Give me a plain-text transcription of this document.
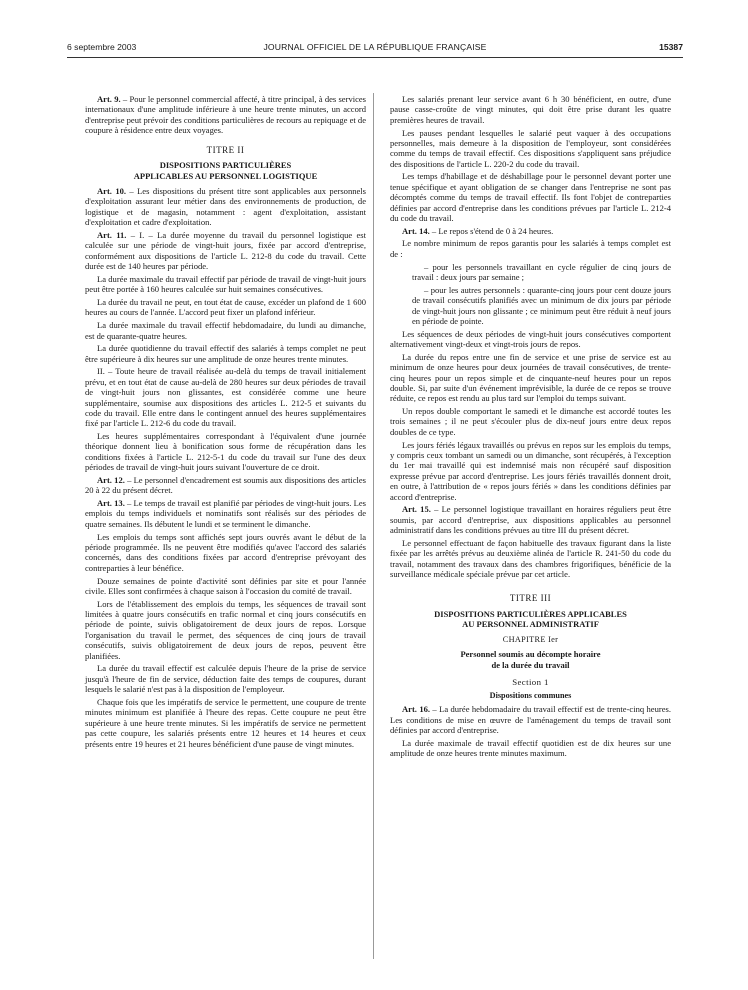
6 septembre 2003	JOURNAL OFFICIEL DE LA RÉPUBLIQUE FRANÇAISE	15387

Art. 9. – Pour le personnel commercial affecté, à titre principal, à des services internationaux d'une amplitude inférieure à une heure trente minutes, un accord d'entreprise peut prévoir des conditions particulières de recours au repiquage et de coupure à résidence entre deux voyages.

TITRE II
DISPOSITIONS PARTICULIÈRES
APPLICABLES AU PERSONNEL LOGISTIQUE

Art. 10. – Les dispositions du présent titre sont applicables aux personnels d'exploitation assurant leur métier dans des environnements de production, de logistique et de magasin, notamment : agent d'exploitation, assistant d'exploitation et cadre d'exploitation.

Art. 11. – I. – La durée moyenne du travail du personnel logistique est calculée sur une période de vingt-huit jours, fixée par accord d'entreprise, conformément aux dispositions de l'article L. 212-8 du code du travail. Cette durée est de 140 heures par période.

La durée maximale du travail effectif par période de travail de vingt-huit jours peut être portée à 160 heures calculée sur huit semaines consécutives.

La durée du travail ne peut, en tout état de cause, excéder un plafond de 1 600 heures au cours de l'année. L'accord peut fixer un plafond inférieur.

La durée maximale du travail effectif hebdomadaire, du lundi au dimanche, est de quarante-quatre heures.

La durée quotidienne du travail effectif des salariés à temps complet ne peut être supérieure à dix heures sur une amplitude de onze heures trente minutes.

II. – Toute heure de travail réalisée au-delà du temps de travail initialement prévu, et en tout état de cause au-delà de 280 heures sur deux périodes de travail de vingt-huit jours non glissantes, est considérée comme une heure supplémentaire, soumise aux dispositions des articles L. 212-5 et suivants du code du travail. Elle entre dans le contingent annuel des heures supplémentaires fixé par l'article L. 212-6 du code du travail.

Les heures supplémentaires correspondant à l'équivalent d'une journée théorique donnent lieu à bonification sous forme de récupération dans les conditions fixées à l'article L. 212-5-1 du code du travail sur l'une des deux périodes de travail de vingt-huit jours suivant l'ouverture de ce droit.

Art. 12. – Le personnel d'encadrement est soumis aux dispositions des articles 20 à 22 du présent décret.

Art. 13. – Le temps de travail est planifié par périodes de vingt-huit jours. Les emplois du temps individuels et nominatifs sont réalisés sur des périodes de quatre semaines. Ils débutent le lundi et se terminent le dimanche.

Les emplois du temps sont affichés sept jours ouvrés avant le début de la période programmée. Ils ne peuvent être modifiés qu'avec l'accord des salariés concernés, dans des conditions fixées par accord d'entreprise prévoyant des contreparties à leur bénéfice.

Douze semaines de pointe d'activité sont définies par site et pour l'année civile. Elles sont confirmées à chaque saison à l'occasion du comité de travail.

Lors de l'établissement des emplois du temps, les séquences de travail sont limitées à quatre jours consécutifs en trafic normal et cinq jours consécutifs en période de pointe, suivis obligatoirement de deux jours de repos. Lorsque l'organisation du travail le permet, des séquences de cinq jours de travail consécutifs, suivis obligatoirement de deux jours de repos, peuvent être planifiées.

La durée du travail effectif est calculée depuis l'heure de la prise de service jusqu'à l'heure de fin de service, déduction faite des temps de coupures, durant lesquels le salarié n'est pas à la disposition de l'employeur.

Chaque fois que les impératifs de service le permettent, une coupure de trente minutes minimum est planifiée à l'heure des repas. Cette coupure ne peut être supérieure à une heure trente minutes. Si les impératifs de service ne permettent pas cette coupure, les salariés présents entre 12 heures et 14 heures et ceux présents entre 19 heures et 21 heures bénéficient d'une pause de vingt minutes.

Les salariés prenant leur service avant 6 h 30 bénéficient, en outre, d'une pause casse-croûte de vingt minutes, qui doit être prise durant les quatre premières heures de travail.

Les pauses pendant lesquelles le salarié peut vaquer à des occupations personnelles, mais demeure à la disposition de l'employeur, sont considérées comme du temps de travail effectif. Ces dispositions s'appliquent sans préjudice des dispositions de l'article L. 220-2 du code du travail.

Les temps d'habillage et de déshabillage pour le personnel devant porter une tenue spécifique et ayant obligation de se changer dans l'entreprise ne sont pas décomptés comme du temps de travail effectif. Ils font l'objet de contreparties définies par accord d'entreprise dans les conditions prévues par l'article L. 212-4 du code du travail.

Art. 14. – Le repos s'étend de 0 à 24 heures.

Le nombre minimum de repos garantis pour les salariés à temps complet est de :

– pour les personnels travaillant en cycle régulier de cinq jours de travail : deux jours par semaine ;

– pour les autres personnels : quarante-cinq jours pour cent douze jours de travail consécutifs planifiés avec un minimum de dix jours par période de vingt-huit jours non glissante ; ce minimum peut être réduit à neuf jours en période de pointe.

Les séquences de deux périodes de vingt-huit jours consécutives comportent alternativement vingt-deux et vingt-trois jours de repos.

La durée du repos entre une fin de service et une prise de service est au minimum de onze heures pour deux journées de travail consécutives, de trente-cinq heures pour un repos simple et de cinquante-neuf heures pour un repos double. Si, par suite d'un événement imprévisible, la durée de ce repos se trouve réduite, ce repos est rendu au plus tard sur l'emploi du temps suivant.

Un repos double comportant le samedi et le dimanche est accordé toutes les trois semaines ; il ne peut s'écouler plus de dix-neuf jours entre deux repos doubles de ce type.

Les jours fériés légaux travaillés ou prévus en repos sur les emplois du temps, y compris ceux tombant un samedi ou un dimanche, sont récupérés, à l'exception du 1er mai travaillé qui est indemnisé mais non récupéré sauf disposition expresse prévue par accord d'entreprise. Les jours fériés travaillés donnent droit, en outre, à l'attribution de « repos jours fériés » dans les conditions définies par accord d'entreprise.

Art. 15. – Le personnel logistique travaillant en horaires réguliers peut être soumis, par accord d'entreprise, aux dispositions applicables au personnel administratif dans les conditions prévues au titre III du présent décret.

Le personnel effectuant de façon habituelle des travaux figurant dans la liste fixée par les arrêtés prévus au deuxième alinéa de l'article R. 241-50 du code du travail, notamment des travaux dans des chambres frigorifiques, bénéficie de la surveillance médicale spéciale prévue par cet article.

TITRE III
DISPOSITIONS PARTICULIÈRES APPLICABLES
AU PERSONNEL ADMINISTRATIF
CHAPITRE Ier
Personnel soumis au décompte horaire
de la durée du travail
Section 1
Dispositions communes

Art. 16. – La durée hebdomadaire du travail effectif est de trente-cinq heures. Les conditions de mise en œuvre de l'aménagement du temps de travail sont définies par accord d'entreprise.

La durée maximale de travail effectif quotidien est de dix heures sur une amplitude de onze heures trente minutes maximum.
